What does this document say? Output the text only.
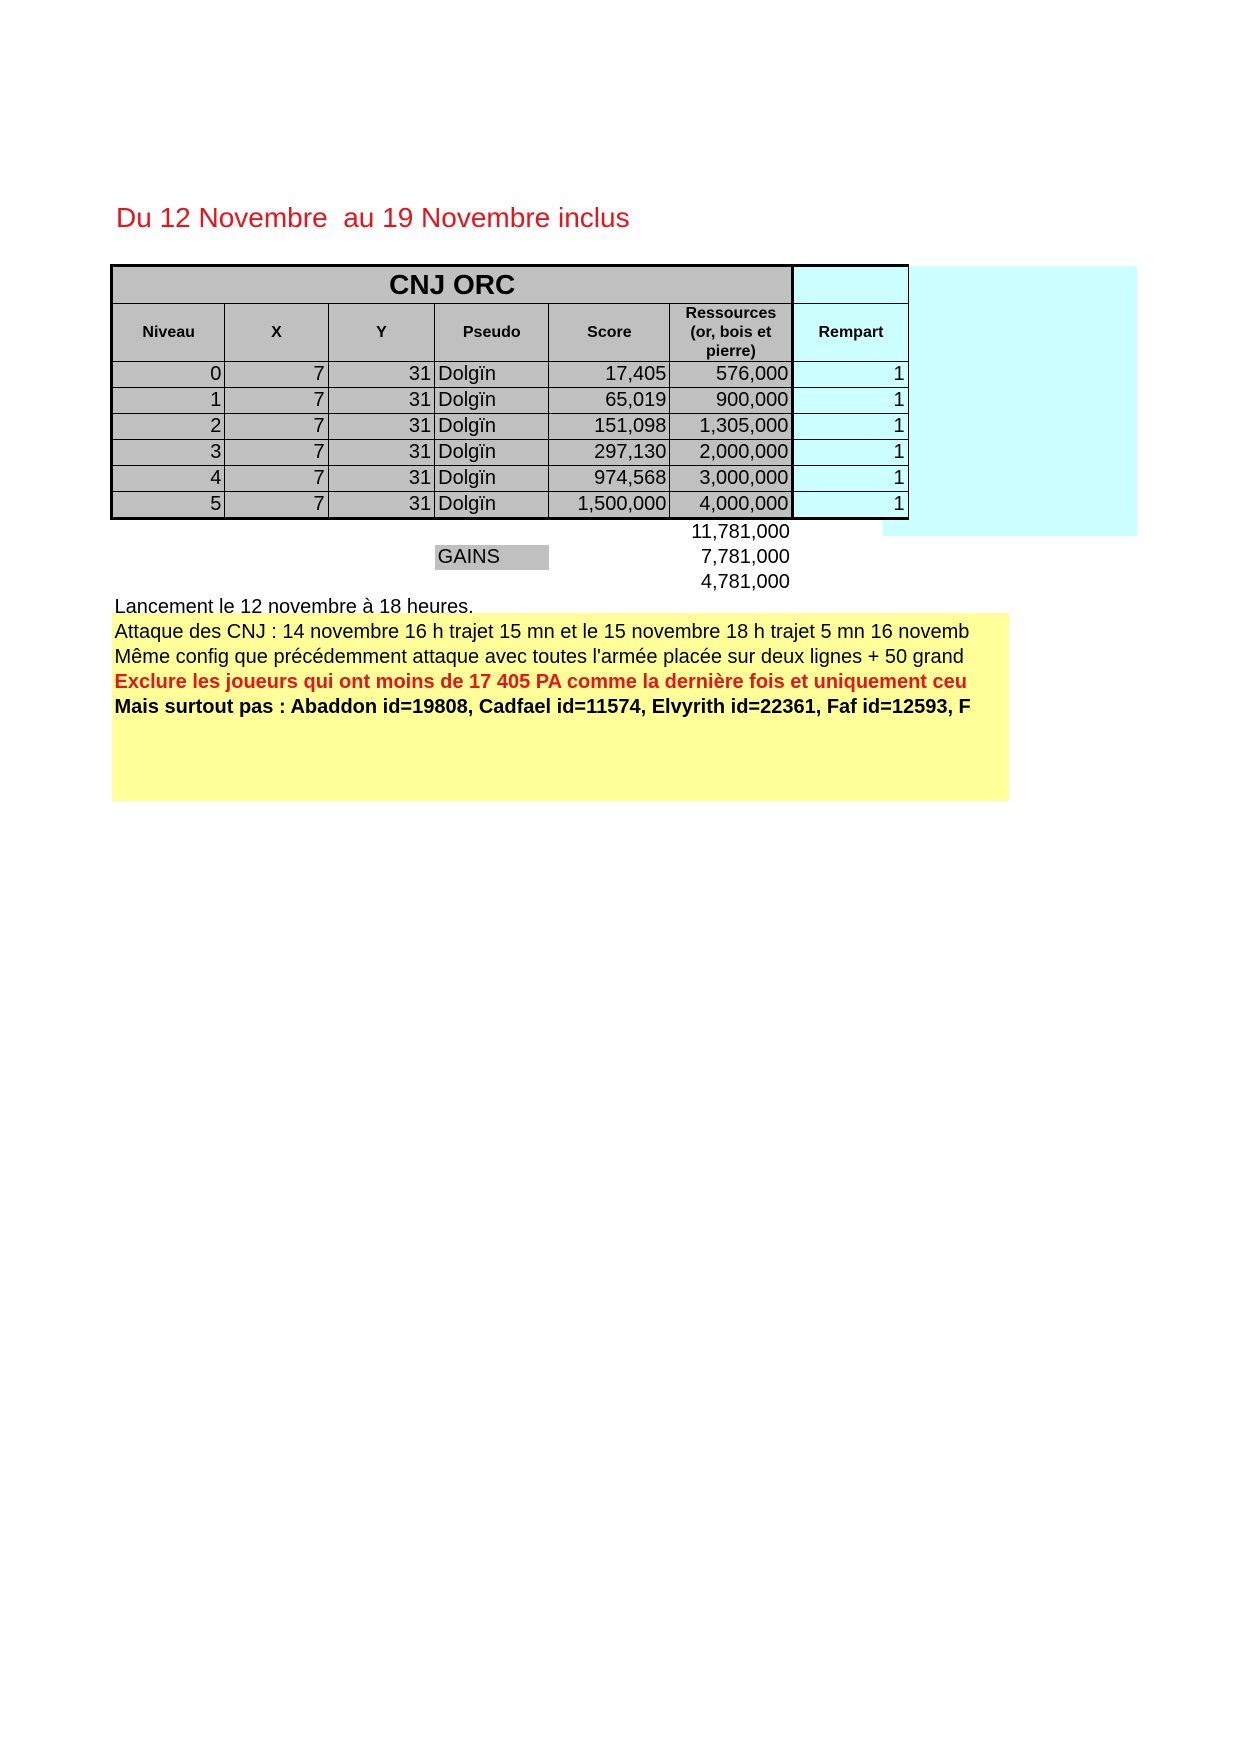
Du 12 Novembre  au 19 Novembre inclus
CNJ ORC							
Niveau	X	Y	Pseudo	Score	Ressources (or, bois et pierre)	Rempart	
0	7	31	Dolgïn	17,405	576,000	1	
1	7	31	Dolgïn	65,019	900,000	1	
2	7	31	Dolgïn	151,098	1,305,000	1	
3	7	31	Dolgïn	297,130	2,000,000	1	
4	7	31	Dolgïn	974,568	3,000,000	1	
5	7	31	Dolgïn	1,500,000	4,000,000	1	
					11,781,000		
			GAINS		7,781,000		
					4,781,000		
Lancement le 12 novembre à 18 heures.							
Attaque des CNJ : 14 novembre 16 h trajet 15 mn et le 15 novembre 18 h trajet 5 mn 16 novemb							
Même config que précédemment attaque avec toutes l'armée placée sur deux lignes + 50 grand							
Exclure les joueurs qui ont moins de 17 405 PA comme la dernière fois et uniquement ceu							
Mais surtout pas : Abaddon id=19808, Cadfael id=11574, Elvyrith id=22361, Faf id=12593, F							
